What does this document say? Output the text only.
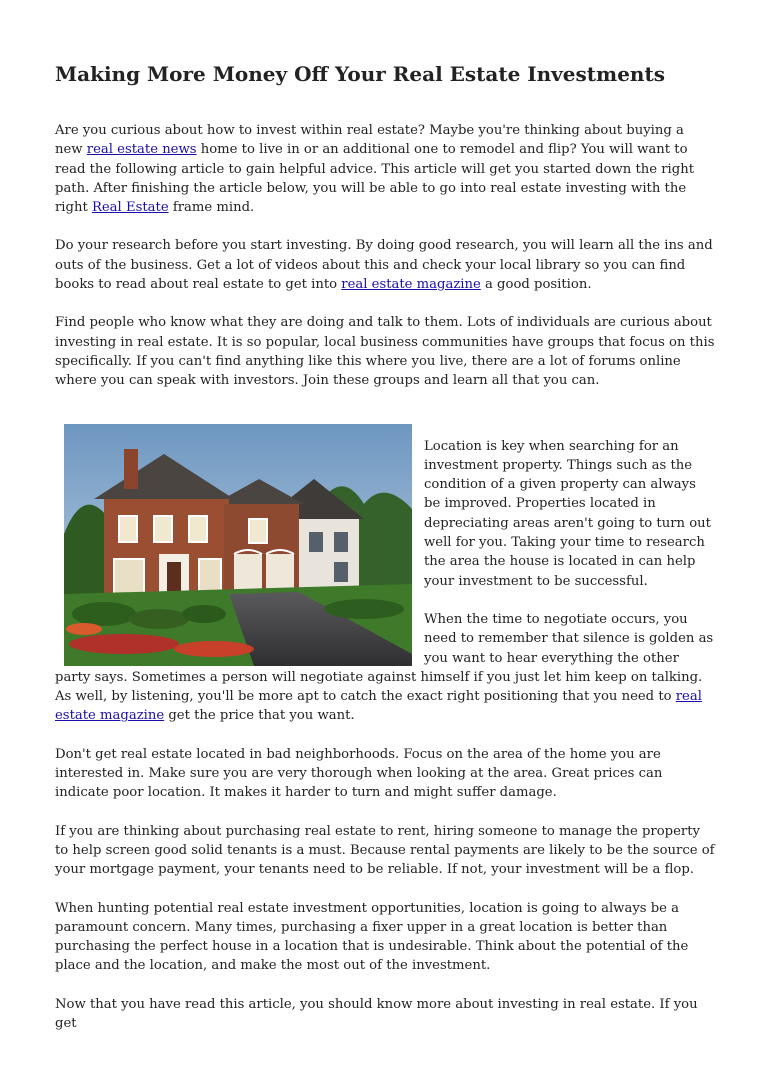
Making More Money Off Your Real Estate Investments

Are you curious about how to invest within real estate? Maybe you're thinking about buying a new real estate news home to live in or an additional one to remodel and flip? You will want to read the following article to gain helpful advice. This article will get you started down the right path. After finishing the article below, you will be able to go into real estate investing with the right Real Estate frame mind.

Do your research before you start investing. By doing good research, you will learn all the ins and outs of the business. Get a lot of videos about this and check your local library so you can find books to read about real estate to get into real estate magazine a good position.

Find people who know what they are doing and talk to them. Lots of individuals are curious about investing in real estate. It is so popular, local business communities have groups that focus on this specifically. If you can't find anything like this where you live, there are a lot of forums online where you can speak with investors. Join these groups and learn all that you can.

Location is key when searching for an investment property. Things such as the condition of a given property can always be improved. Properties located in depreciating areas aren't going to turn out well for you. Taking your time to research the area the house is located in can help your investment to be successful.

When the time to negotiate occurs, you need to remember that silence is golden as you want to hear everything the other party says. Sometimes a person will negotiate against himself if you just let him keep on talking. As well, by listening, you'll be more apt to catch the exact right positioning that you need to real estate magazine get the price that you want.

Don't get real estate located in bad neighborhoods. Focus on the area of the home you are interested in. Make sure you are very thorough when looking at the area. Great prices can indicate poor location. It makes it harder to turn and might suffer damage.

If you are thinking about purchasing real estate to rent, hiring someone to manage the property to help screen good solid tenants is a must. Because rental payments are likely to be the source of your mortgage payment, your tenants need to be reliable. If not, your investment will be a flop.

When hunting potential real estate investment opportunities, location is going to always be a paramount concern. Many times, purchasing a fixer upper in a great location is better than purchasing the perfect house in a location that is undesirable. Think about the potential of the place and the location, and make the most out of the investment.

Now that you have read this article, you should know more about investing in real estate. If you get
